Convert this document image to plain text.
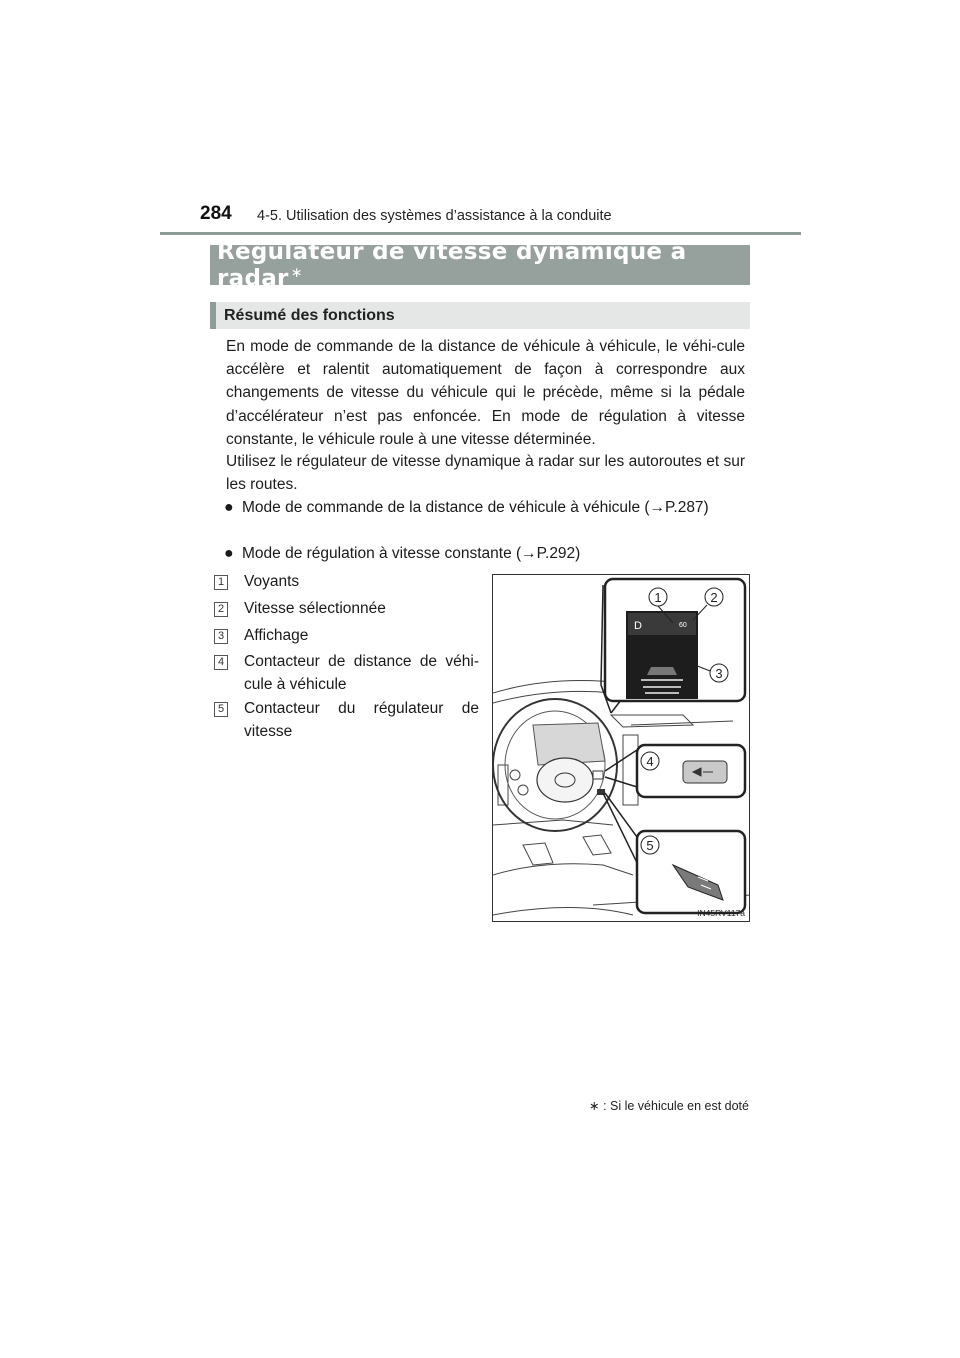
284 4-5. Utilisation des systèmes d’assistance à la conduite
Régulateur de vitesse dynamique à radar ∗
Résumé des fonctions
En mode de commande de la distance de véhicule à véhicule, le véhi-cule accélère et ralentit automatiquement de façon à correspondre aux changements de vitesse du véhicule qui le précède, même si la pédale d’accélérateur n’est pas enfoncée. En mode de régulation à vitesse constante, le véhicule roule à une vitesse déterminée.
Utilisez le régulateur de vitesse dynamique à radar sur les autoroutes et sur les routes.
● Mode de commande de la distance de véhicule à véhicule (→P.287)
● Mode de régulation à vitesse constante (→P.292)
1 Voyants
2 Vitesse sélectionnée
3 Affichage
4 Contacteur de distance de véhi-cule à véhicule
5 Contacteur du régulateur de vitesse
D	60
1	2
3
4
5
IN45RV117a
∗ : Si le véhicule en est doté
